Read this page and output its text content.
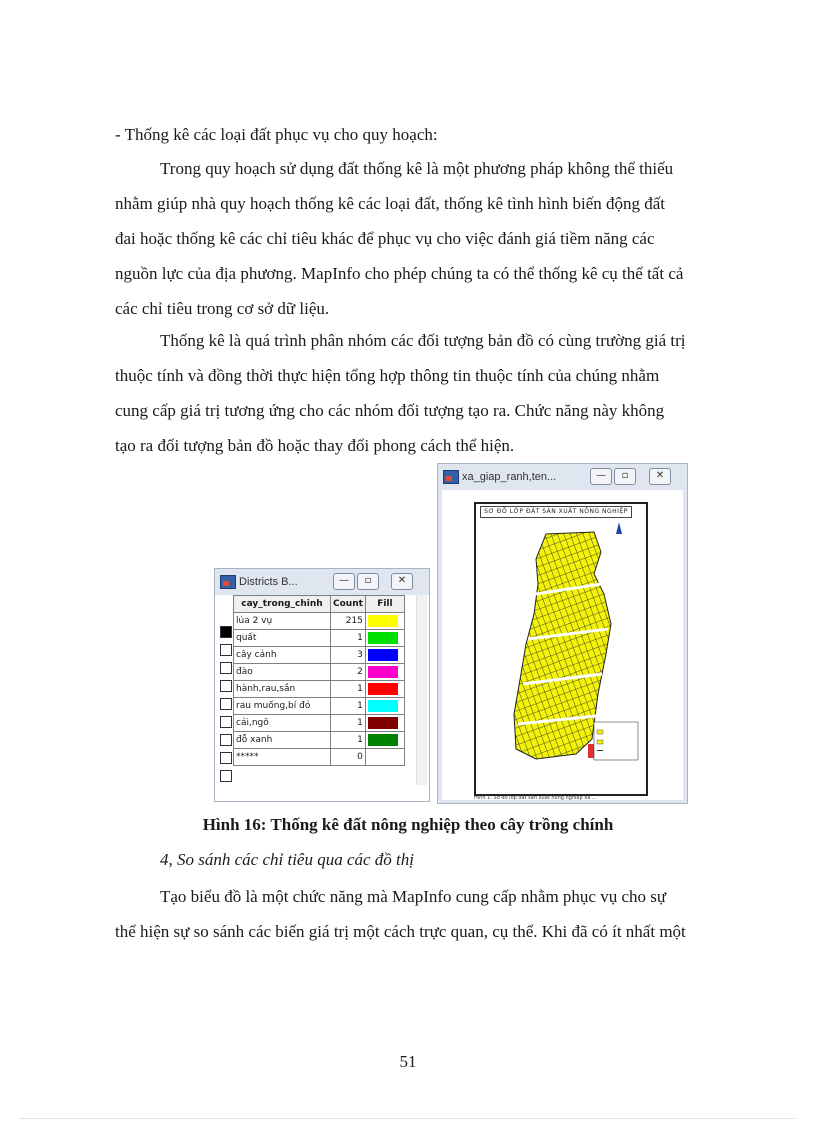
- Thống kê các loại đất phục vụ cho quy hoạch:

Trong quy hoạch sử dụng đất thống kê là một phương pháp không thể thiếu
nhằm giúp nhà quy hoạch thống kê các loại đất, thống kê tình hình biến động đất
đai hoặc thống kê các chỉ tiêu khác để phục vụ cho việc đánh giá tiềm năng các
nguồn lực của địa phương. MapInfo cho phép chúng ta có thể thống kê cụ thể tất cả
các chỉ tiêu trong cơ sở dữ liệu.
Thống kê là quá trình phân nhóm các đối tượng bản đồ có cùng trường giá trị
thuộc tính và đồng thời thực hiện tổng hợp thông tin thuộc tính của chúng nhằm
cung cấp giá trị tương ứng cho các nhóm đối tượng tạo ra. Chức năng này không
tạo ra đối tượng bản đồ hoặc thay đổi phong cách thể hiện.
Districts B...	—	▫	✕
cay_trong_chinh	Count	Fill
lúa 2 vụ	215	

quất	1	

cây cảnh	3	

đào	2	

hành,rau,sắn	1	

rau muống,bí đỏ	1	

cải,ngô	1	

đỗ xanh	1	

*****	0	
xa_giap_ranh,ten...	—	▫	✕
SƠ ĐỒ LỚP ĐẤT SẢN XUẤT NÔNG NGHIỆP
Hình 1: Sơ đồ lớp đất sản xuất nông nghiệp xã ...
Hình 16: Thống kê đất nông nghiệp theo cây trồng chính
4, So sánh các chỉ tiêu qua các đồ thị
Tạo biểu đồ là một chức năng mà MapInfo cung cấp nhằm phục vụ cho sự
thể hiện sự so sánh các biến giá trị một cách trực quan, cụ thể. Khi đã có ít nhất một
51
